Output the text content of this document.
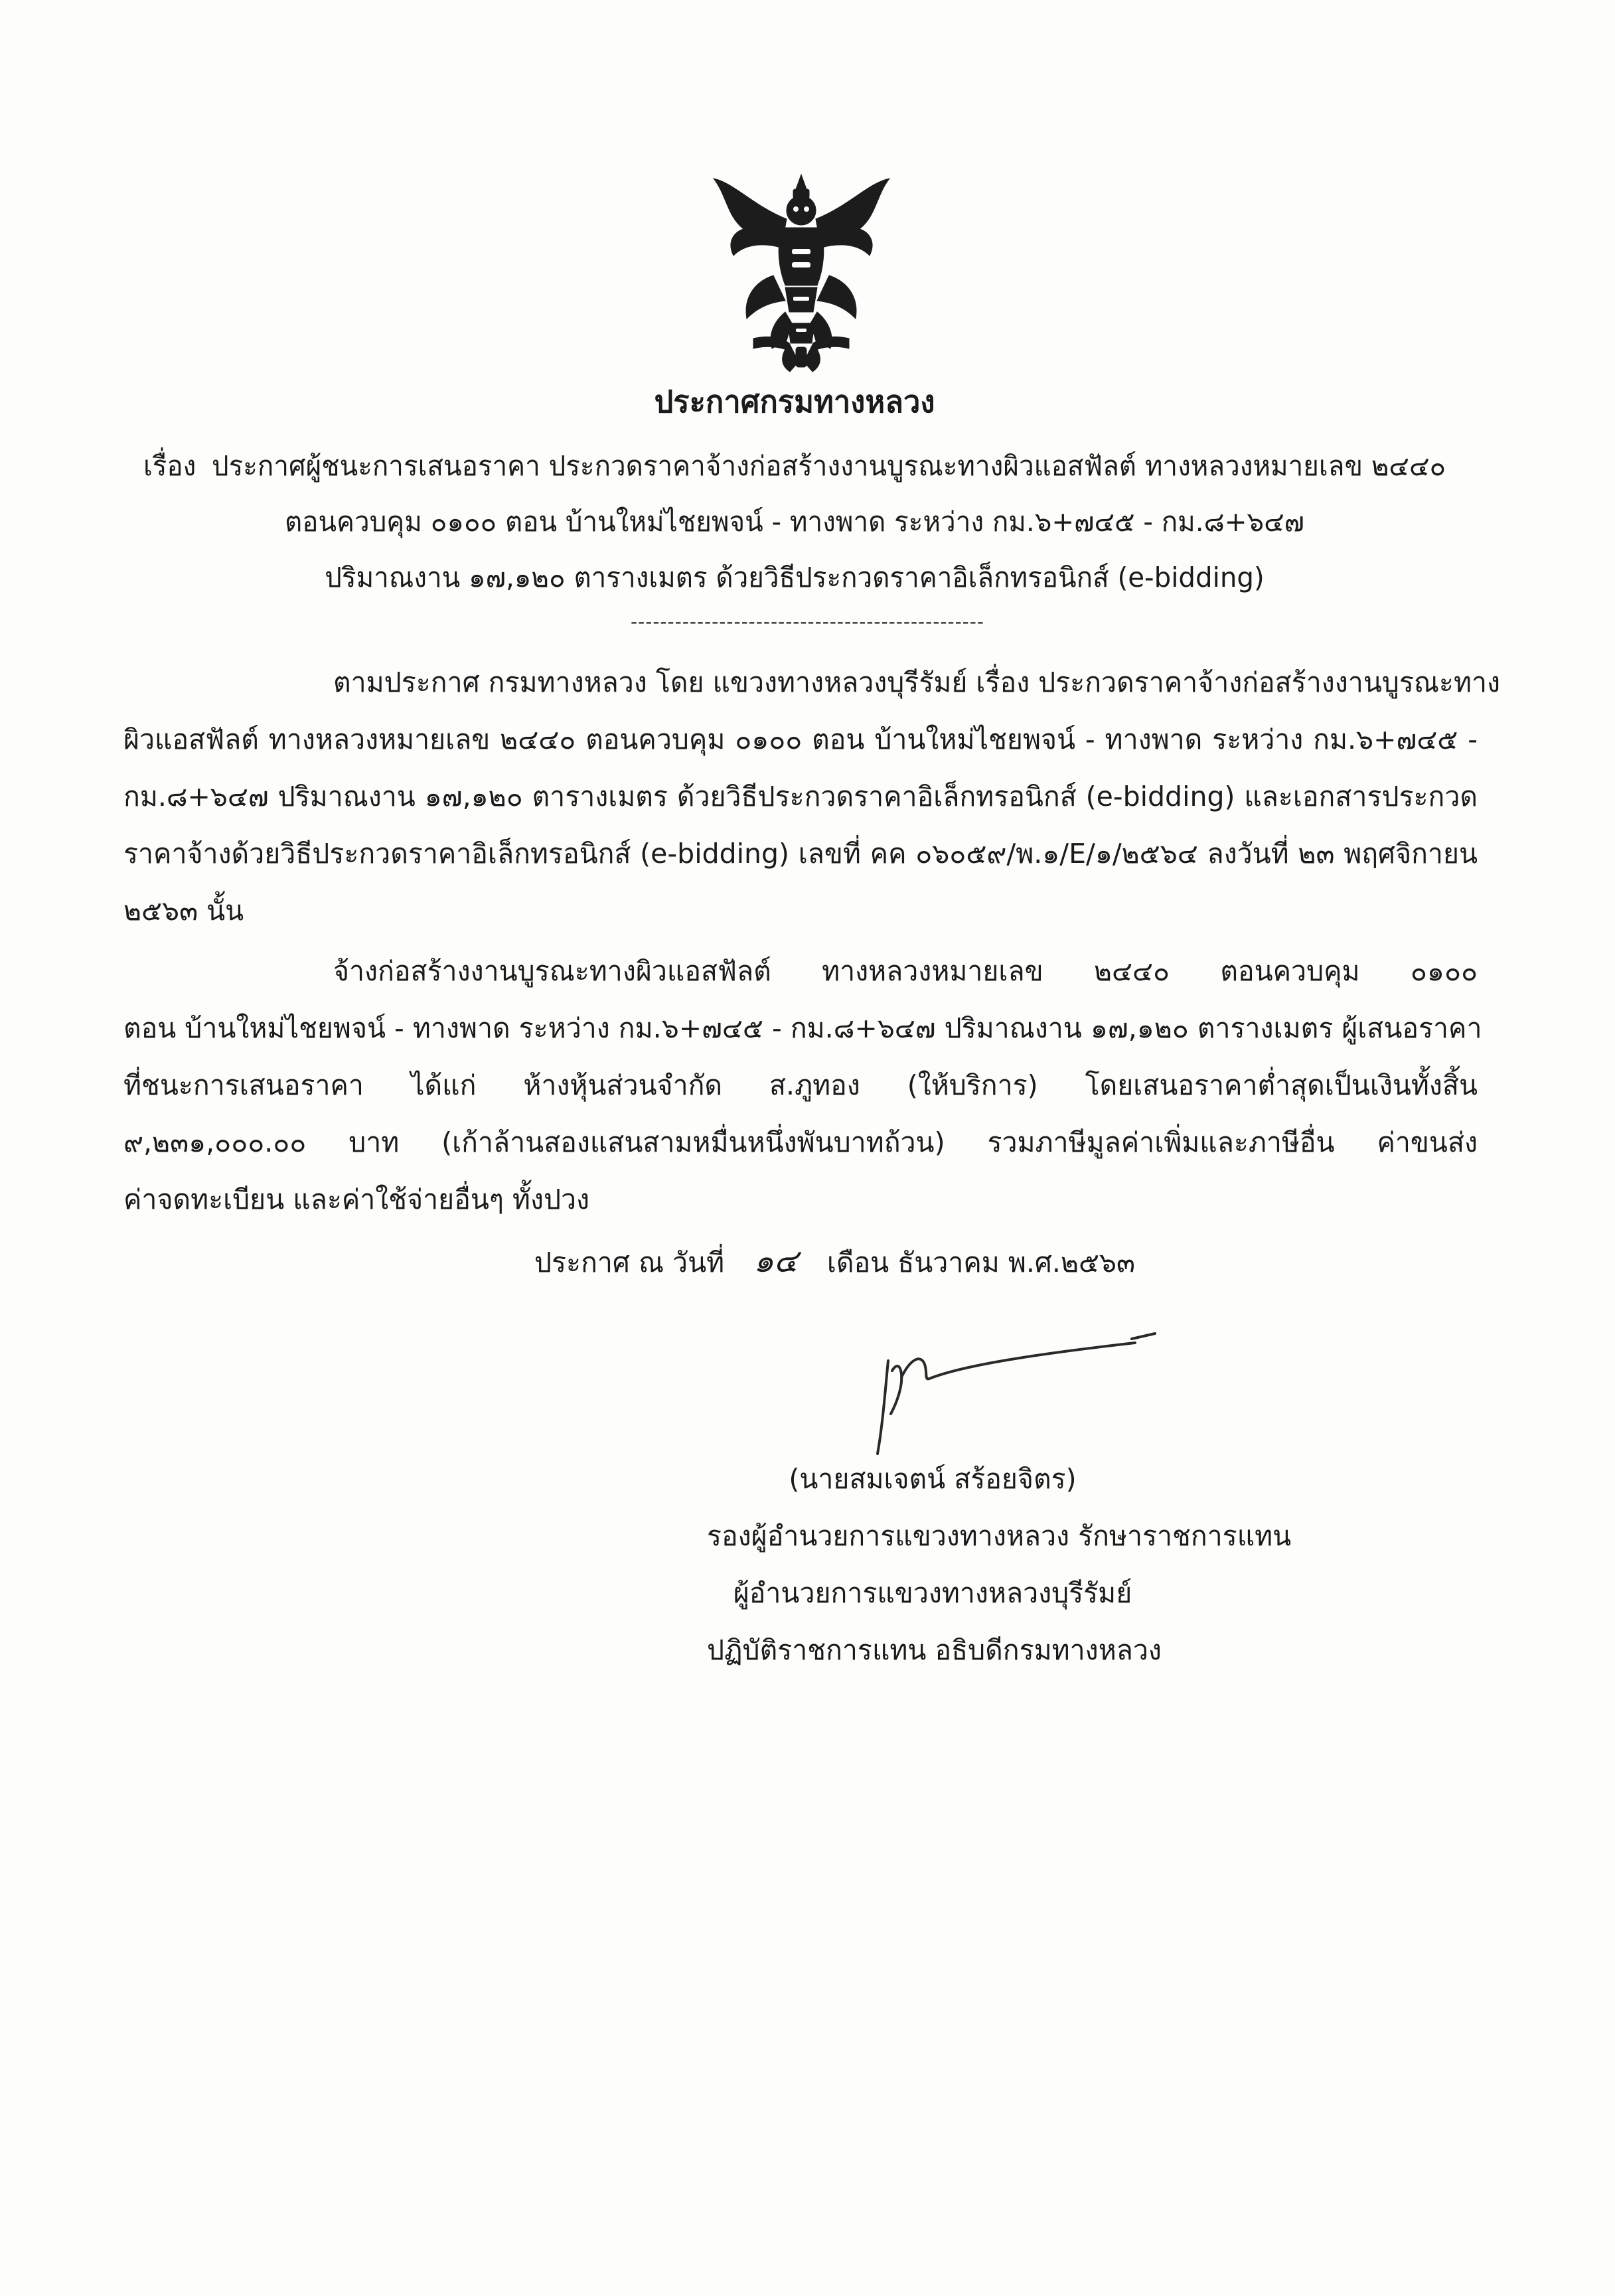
ประกาศกรมทางหลวง
เรื่อง ประกาศผู้ชนะการเสนอราคา ประกวดราคาจ้างก่อสร้างงานบูรณะทางผิวแอสฟัลต์ ทางหลวงหมายเลข ๒๔๔๐
ตอนควบคุม ๐๑๐๐ ตอน บ้านใหม่ไชยพจน์ - ทางพาด ระหว่าง กม.๖+๗๔๕ - กม.๘+๖๔๗
ปริมาณงาน ๑๗,๑๒๐ ตารางเมตร ด้วยวิธีประกวดราคาอิเล็กทรอนิกส์ (e-bidding)
------------------------------------------------
ตามประกาศ กรมทางหลวง โดย แขวงทางหลวงบุรีรัมย์ เรื่อง ประกวดราคาจ้างก่อสร้างงานบูรณะทาง
ผิวแอสฟัลต์ ทางหลวงหมายเลข ๒๔๔๐ ตอนควบคุม ๐๑๐๐ ตอน บ้านใหม่ไชยพจน์ - ทางพาด ระหว่าง กม.๖+๗๔๕ -
กม.๘+๖๔๗ ปริมาณงาน ๑๗,๑๒๐ ตารางเมตร ด้วยวิธีประกวดราคาอิเล็กทรอนิกส์ (e-bidding) และเอกสารประกวด
ราคาจ้างด้วยวิธีประกวดราคาอิเล็กทรอนิกส์ (e-bidding) เลขที่ คค ๐๖๐๕๙/พ.๑/E/๑/๒๕๖๔ ลงวันที่ ๒๓ พฤศจิกายน
๒๕๖๓ นั้น
จ้างก่อสร้างงานบูรณะทางผิวแอสฟัลต์ ทางหลวงหมายเลข ๒๔๔๐ ตอนควบคุม ๐๑๐๐
ตอน บ้านใหม่ไชยพจน์ - ทางพาด ระหว่าง กม.๖+๗๔๕ - กม.๘+๖๔๗ ปริมาณงาน ๑๗,๑๒๐ ตารางเมตร ผู้เสนอราคา
ที่ชนะการเสนอราคา ได้แก่ ห้างหุ้นส่วนจำกัด ส.ภูทอง (ให้บริการ) โดยเสนอราคาต่ำสุดเป็นเงินทั้งสิ้น
๙,๒๓๑,๐๐๐.๐๐ บาท (เก้าล้านสองแสนสามหมื่นหนึ่งพันบาทถ้วน) รวมภาษีมูลค่าเพิ่มและภาษีอื่น ค่าขนส่ง
ค่าจดทะเบียน และค่าใช้จ่ายอื่นๆ ทั้งปวง
ประกาศ ณ วันที่ ๑๔ เดือน ธันวาคม พ.ศ.๒๕๖๓
(นายสมเจตน์ สร้อยจิตร)
รองผู้อำนวยการแขวงทางหลวง รักษาราชการแทน
ผู้อำนวยการแขวงทางหลวงบุรีรัมย์
ปฏิบัติราชการแทน อธิบดีกรมทางหลวง
